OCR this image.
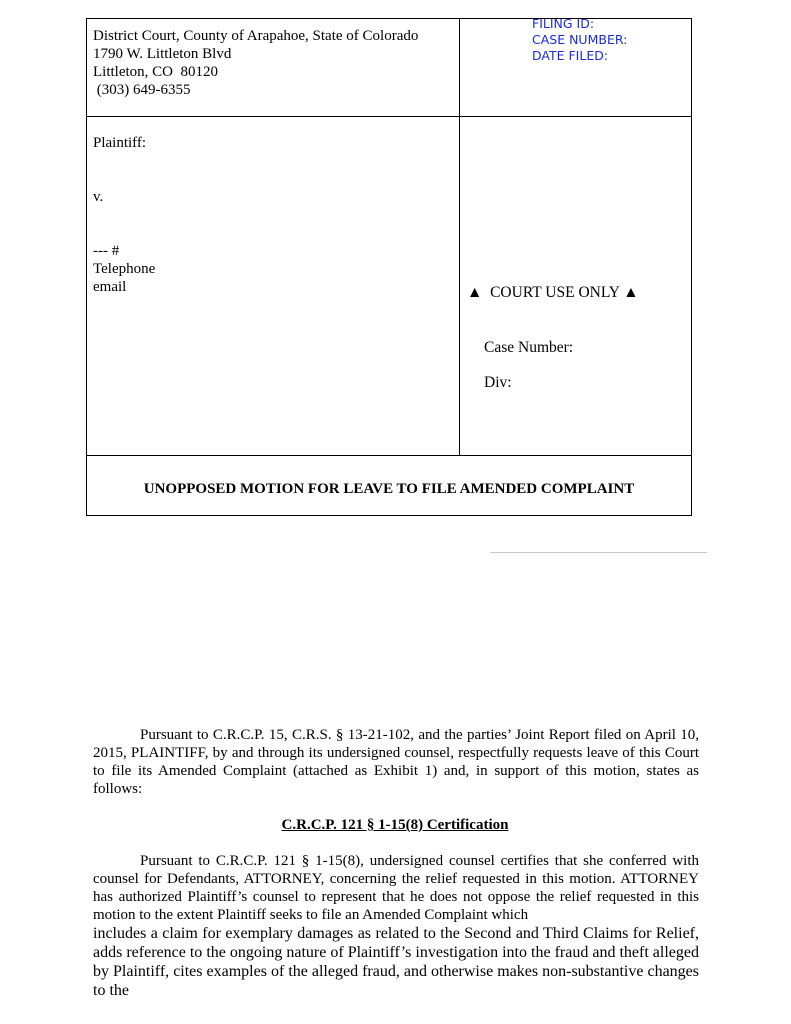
District Court, County of Arapahoe, State of Colorado
1790 W. Littleton Blvd
Littleton, CO  80120
(303) 649-6355
FILING ID:
CASE NUMBER:
DATE FILED:
Plaintiff:
v.
--- #
Telephone
email	▲  COURT USE ONLY ▲
Case Number:
Div:
UNOPPOSED MOTION FOR LEAVE TO FILE AMENDED COMPLAINT
Pursuant to C.R.C.P. 15, C.R.S. § 13-21-102, and the parties’ Joint Report filed on April 10, 2015, PLAINTIFF, by and through its undersigned counsel, respectfully requests leave of this Court to file its Amended Complaint (attached as Exhibit 1) and, in support of this motion, states as follows:
C.R.C.P. 121 § 1-15(8) Certification
Pursuant to C.R.C.P. 121 § 1-15(8), undersigned counsel certifies that she conferred with counsel for Defendants, ATTORNEY, concerning the relief requested in this motion. ATTORNEY has authorized Plaintiff’s counsel to represent that he does not oppose the relief requested in this motion to the extent Plaintiff seeks to file an Amended Complaint which
includes a claim for exemplary damages as related to the Second and Third Claims for Relief, adds reference to the ongoing nature of Plaintiff’s investigation into the fraud and theft alleged by Plaintiff, cites examples of the alleged fraud, and otherwise makes non-substantive changes to the
